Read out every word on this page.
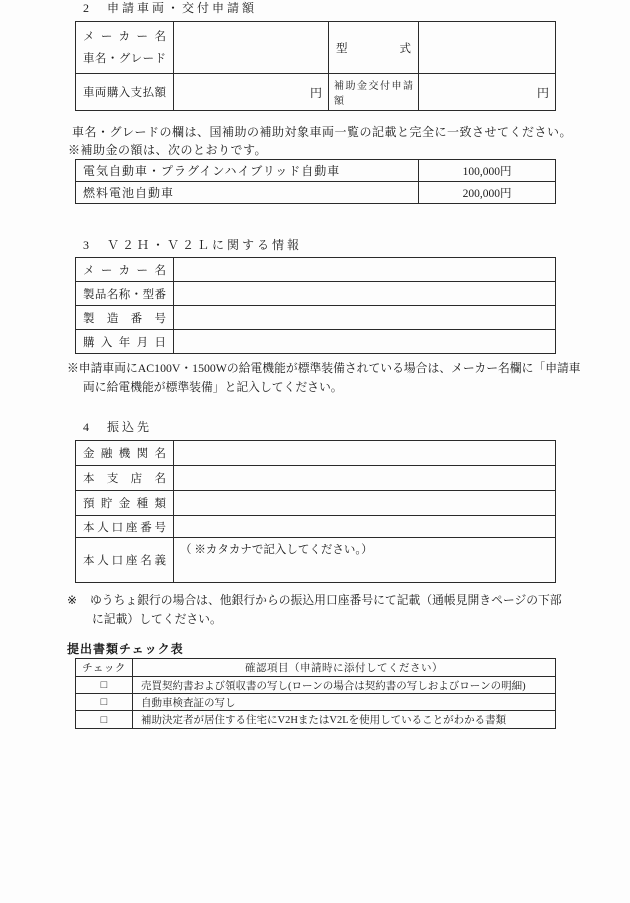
2　申請車両・交付申請額
メーカー名
車名・グレード		型式	
車両購入支払額	円	補助金交付申請額	円
車名・グレードの欄は、国補助の補助対象車両一覧の記載と完全に一致させてください。
※補助金の額は、次のとおりです。
電気自動車・プラグインハイブリッド自動車	100,000円
燃料電池自動車	200,000円
3　Ｖ２Ｈ・Ｖ２Ｌに関する情報
メーカー名	
製品名称・型番	
製造番号	
購入年月日	
※申請車両にAC100V・1500Wの給電機能が標準装備されている場合は、メーカー名欄に「申請車
両に給電機能が標準装備」と記入してください。
4　振込先
金融機関名	
本支店名	
預貯金種類	
本人口座番号	
本人口座名義	（ ※カタカナで記入してください。）
※ ゆうちょ銀行の場合は、他銀行からの振込用口座番号にて記載（通帳見開きページの下部
に記載）してください。
提出書類チェック表
チェック	確認項目（申請時に添付してください）
□	売買契約書および領収書の写し(ローンの場合は契約書の写しおよびローンの明細)
□	自動車検査証の写し
□	補助決定者が居住する住宅にV2HまたはV2Lを使用していることがわかる書類
